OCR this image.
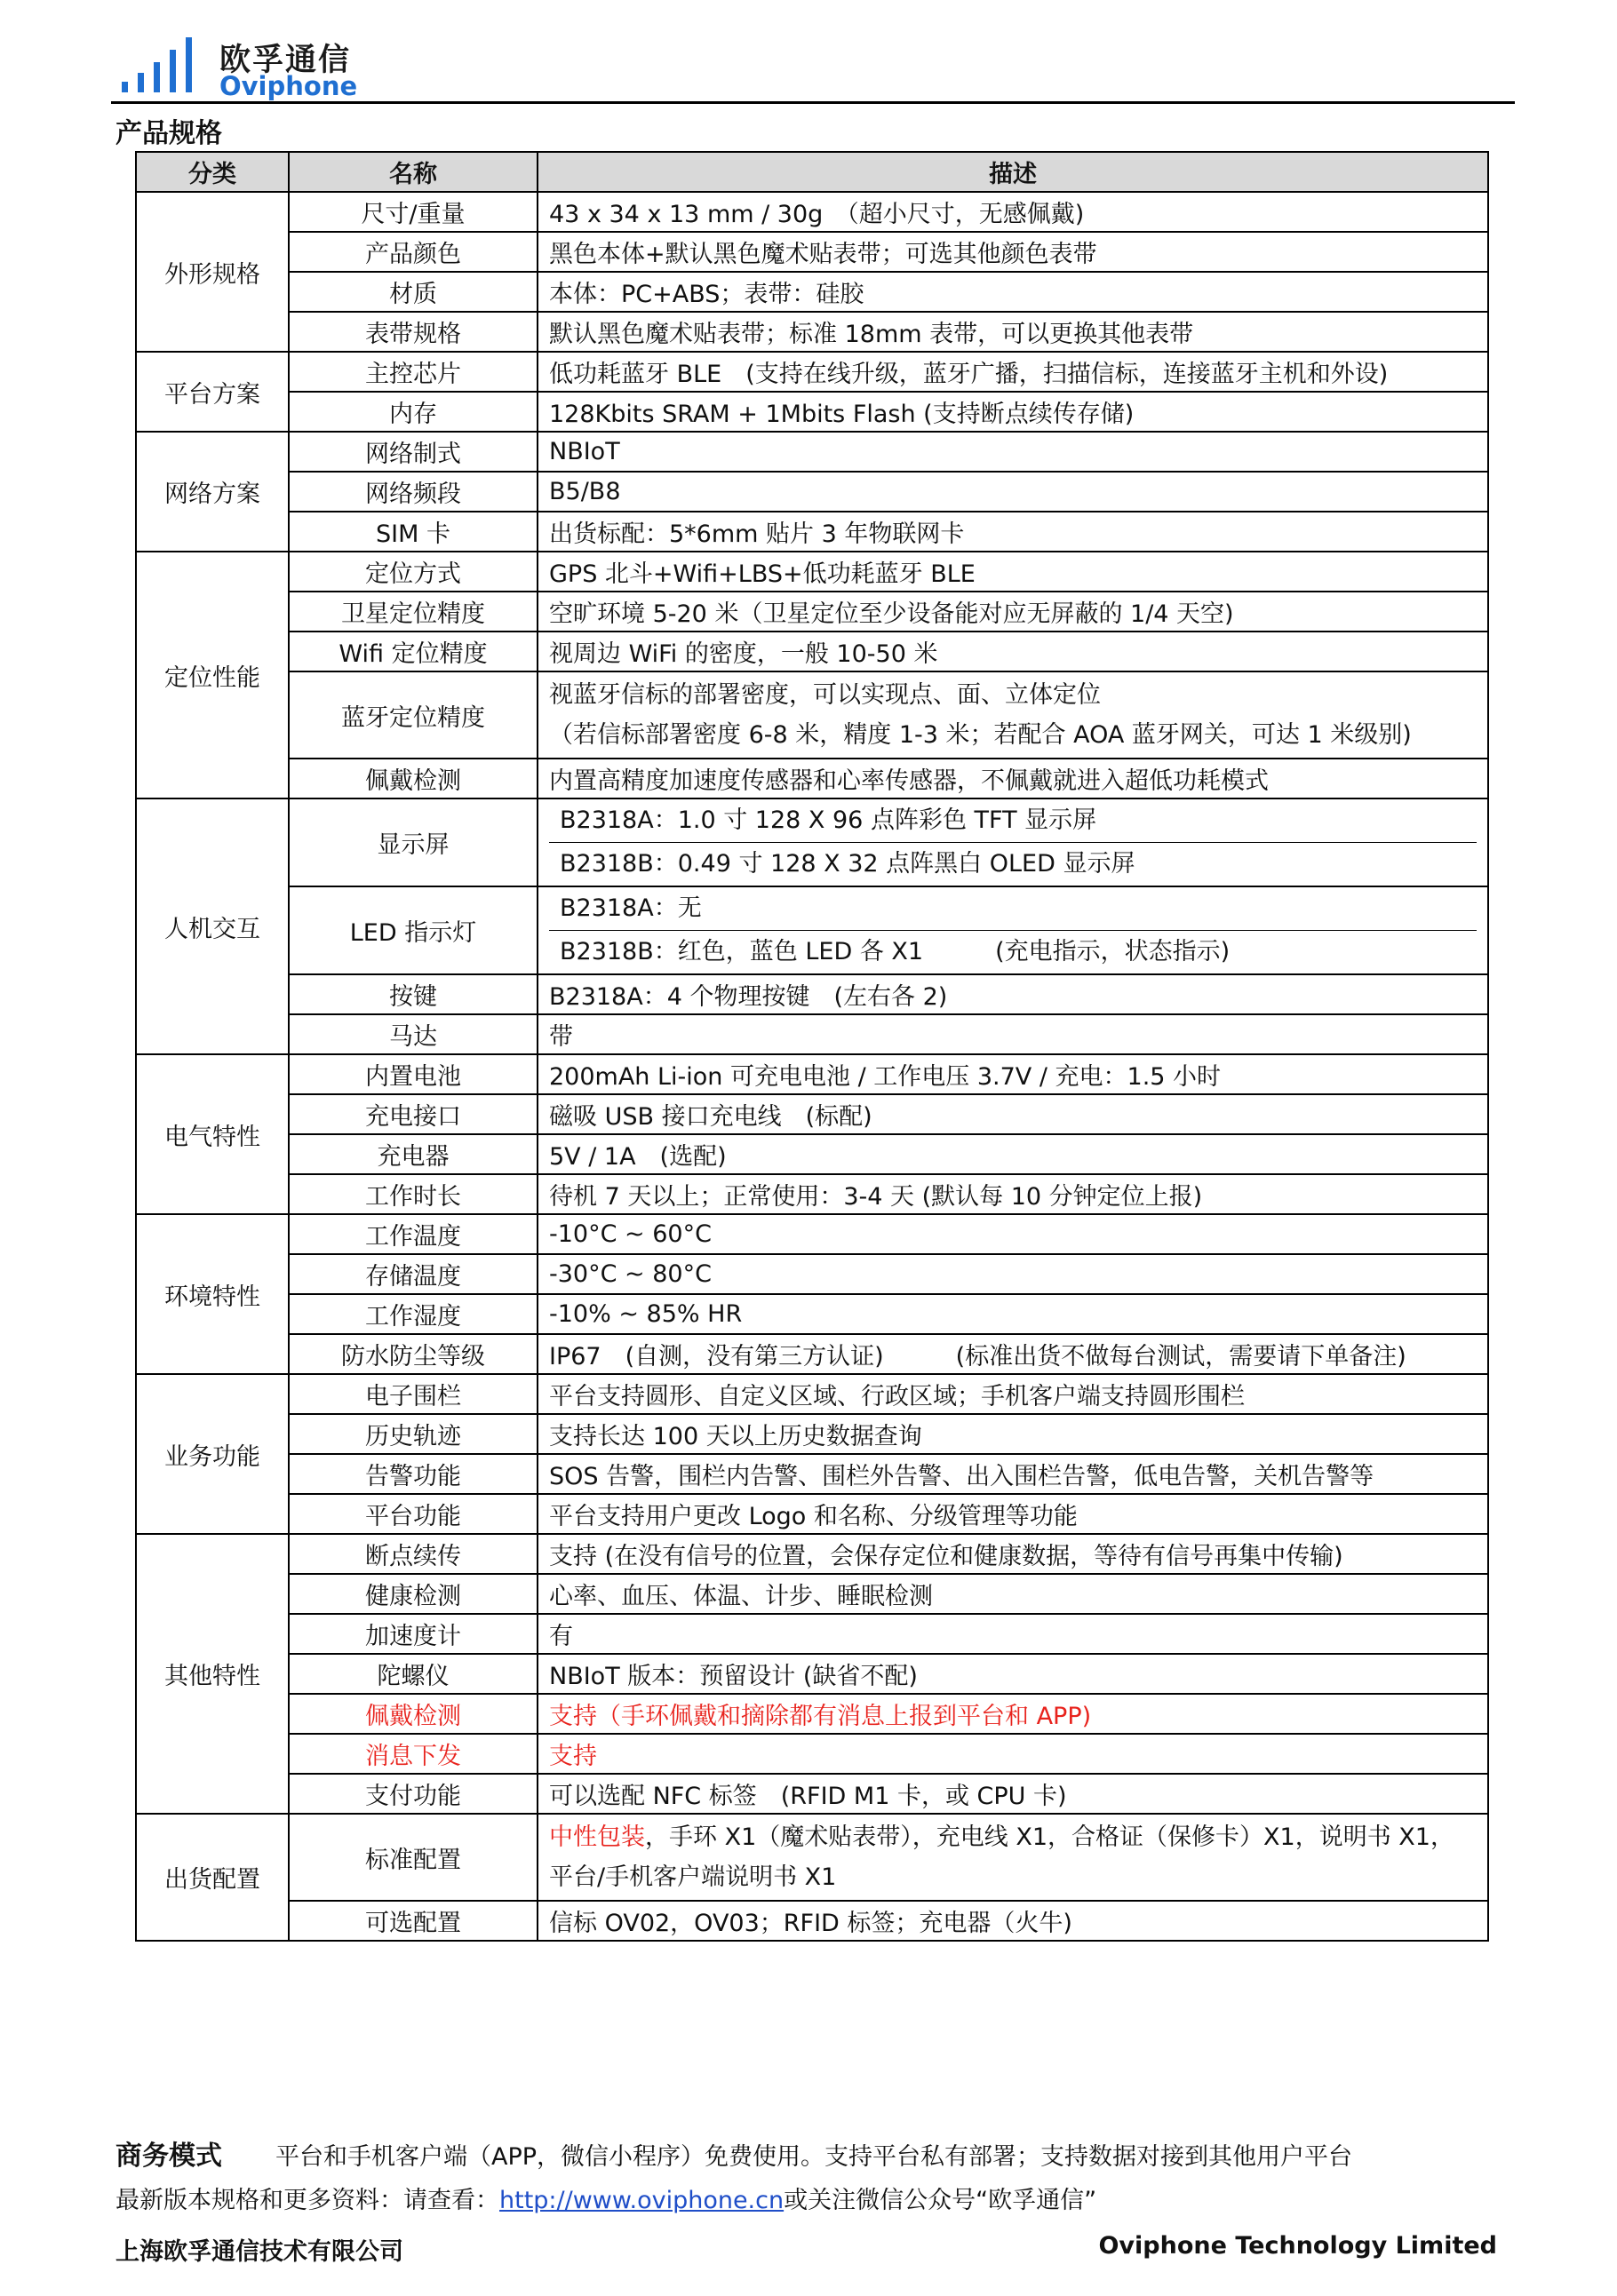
欧孚通信
Oviphone
产品规格
分类	名称	描述
外形规格	尺寸/重量	43 x 34 x 13 mm / 30g　（超小尺寸，无感佩戴)

	产品颜色	黑色本体+默认黑色魔术贴表带；可选其他颜色表带

	材质	本体：PC+ABS；表带：硅胶

	表带规格	默认黑色魔术贴表带；标准 18mm 表带，可以更换其他表带

平台方案	主控芯片	低功耗蓝牙 BLE　(支持在线升级，蓝牙广播，扫描信标，连接蓝牙主机和外设)

	内存	128Kbits SRAM + 1Mbits Flash (支持断点续传存储)

网络方案	网络制式	NBIoT

	网络频段	B5/B8

	SIM 卡	出货标配：5*6mm 贴片 3 年物联网卡

定位性能	定位方式	GPS 北斗+Wifi+LBS+低功耗蓝牙 BLE

	卫星定位精度	空旷环境 5-20 米（卫星定位至少设备能对应无屏蔽的 1/4 天空)

	Wifi 定位精度	视周边 WiFi 的密度，一般 10-50 米

	蓝牙定位精度	视蓝牙信标的部署密度，可以实现点、面、立体定位
（若信标部署密度 6-8 米，精度 1-3 米；若配合 AOA 蓝牙网关，可达 1 米级别)

	佩戴检测	内置高精度加速度传感器和心率传感器，不佩戴就进入超低功耗模式

人机交互	显示屏	B2318A：1.0 寸 128 X 96 点阵彩色 TFT 显示屏
B2318B：0.49 寸 128 X 32 点阵黑白 OLED 显示屏

	LED 指示灯	B2318A：无
B2318B：红色，蓝色 LED 各 X1　　　(充电指示，状态指示)

	按键	B2318A：4 个物理按键　(左右各 2)

	马达	带

电气特性	内置电池	200mAh Li-ion 可充电电池 / 工作电压 3.7V / 充电：1.5 小时

	充电接口	磁吸 USB 接口充电线　(标配)

	充电器	5V / 1A　(选配)

	工作时长	待机 7 天以上；正常使用：3-4 天 (默认每 10 分钟定位上报)

环境特性	工作温度	-10°C ~ 60°C

	存储温度	-30°C ~ 80°C

	工作湿度	-10% ~ 85% HR

	防水防尘等级	IP67　(自测，没有第三方认证)　　　(标准出货不做每台测试，需要请下单备注)

业务功能	电子围栏	平台支持圆形、自定义区域、行政区域；手机客户端支持圆形围栏

	历史轨迹	支持长达 100 天以上历史数据查询

	告警功能	SOS 告警，围栏内告警、围栏外告警、出入围栏告警，低电告警，关机告警等

	平台功能	平台支持用户更改 Logo 和名称、分级管理等功能

其他特性	断点续传	支持 (在没有信号的位置，会保存定位和健康数据，等待有信号再集中传输)

	健康检测	心率、血压、体温、计步、睡眠检测

	加速度计	有

	陀螺仪	NBIoT 版本：预留设计 (缺省不配)

	佩戴检测	支持（手环佩戴和摘除都有消息上报到平台和 APP)

	消息下发	支持

	支付功能	可以选配 NFC 标签　(RFID M1 卡，或 CPU 卡)

出货配置	标准配置	中性包装，手环 X1（魔术贴表带），充电线 X1，合格证（保修卡）X1，说明书 X1，
平台/手机客户端说明书 X1

	可选配置	信标 OV02，OV03；RFID 标签；充电器（火牛)
商务模式 平台和手机客户端（APP，微信小程序）免费使用。支持平台私有部署；支持数据对接到其他用户平台
最新版本规格和更多资料：请查看：http://www.oviphone.cn或关注微信公众号“欧孚通信”
上海欧孚通信技术有限公司	Oviphone Technology Limited
